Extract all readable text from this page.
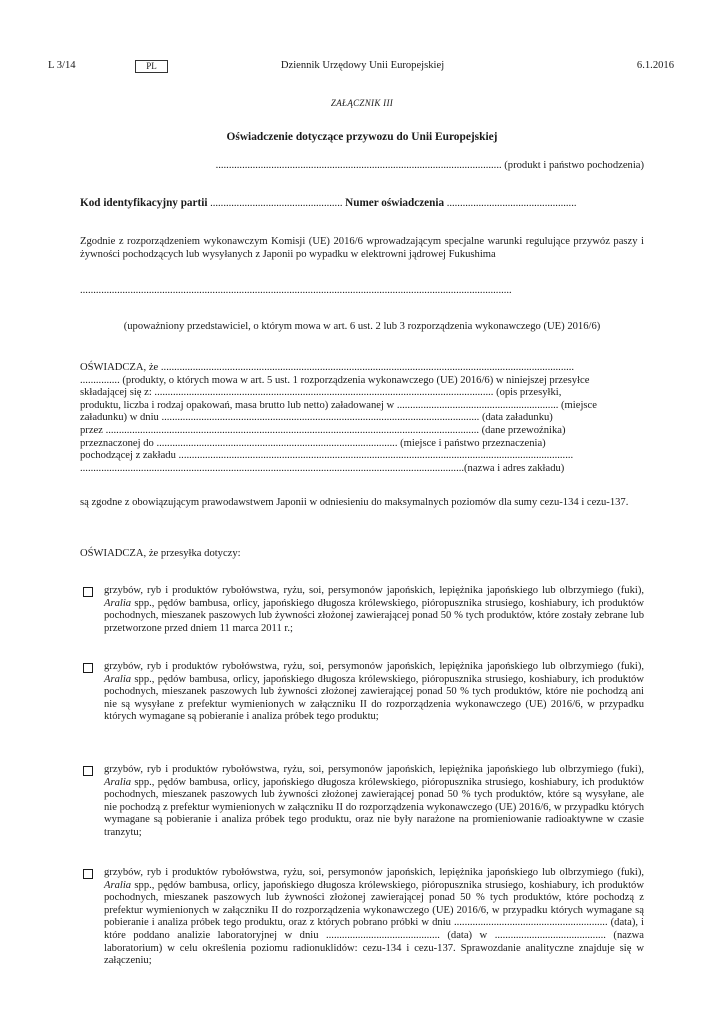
L 3/14	PL	Dziennik Urzędowy Unii Europejskiej	6.1.2016
ZAŁĄCZNIK III
Oświadczenie dotyczące przywozu do Unii Europejskiej
............................................................................................................ (produkt i państwo pochodzenia)
Kod identyfikacyjny partii .................................................. Numer oświadczenia .................................................
Zgodnie z rozporządzeniem wykonawczym Komisji (UE) 2016/6 wprowadzającym specjalne warunki regulujące przywóz paszy i żywności pochodzących lub wysyłanych z Japonii po wypadku w elektrowni jądrowej Fukushima
...................................................................................................................................................................
(upoważniony przedstawiciel, o którym mowa w art. 6 ust. 2 lub 3 rozporządzenia wykonawczego (UE) 2016/6)
OŚWIADCZA, że ............................................................................................................................................................
............... (produkty, o których mowa w art. 5 ust. 1 rozporządzenia wykonawczego (UE) 2016/6) w niniejszej przesyłce
składającej się z: ................................................................................................................................ (opis przesyłki,
produktu, liczba i rodzaj opakowań, masa brutto lub netto) załadowanej w ............................................................. (miejsce
załadunku) w dniu ........................................................................................................................ (data załadunku)
przez ............................................................................................................................................. (dane przewoźnika)
przeznaczonej do ........................................................................................... (miejsce i państwo przeznaczenia)
pochodzącej z zakładu .....................................................................................................................................................
.................................................................................................................................................(nazwa i adres zakładu)
są zgodne z obowiązującym prawodawstwem Japonii w odniesieniu do maksymalnych poziomów dla sumy cezu-134 i cezu-137.
OŚWIADCZA, że przesyłka dotyczy:
grzybów, ryb i produktów rybołówstwa, ryżu, soi, persymonów japońskich, lepiężnika japońskiego lub olbrzymiego (fuki), Aralia spp., pędów bambusa, orlicy, japońskiego długosza królewskiego, pióropusznika strusiego, koshiabury, ich produktów pochodnych, mieszanek paszowych lub żywności złożonej zawierającej ponad 50 % tych produktów, które zostały zebrane lub przetworzone przed dniem 11 marca 2011 r.;
grzybów, ryb i produktów rybołówstwa, ryżu, soi, persymonów japońskich, lepiężnika japońskiego lub olbrzymiego (fuki), Aralia spp., pędów bambusa, orlicy, japońskiego długosza królewskiego, pióropusznika strusiego, koshiabury, ich produktów pochodnych, mieszanek paszowych lub żywności złożonej zawierającej ponad 50 % tych produktów, które nie pochodzą ani nie są wysyłane z prefektur wymienionych w załączniku II do rozporządzenia wykonawczego (UE) 2016/6, w przypadku których wymagane są pobieranie i analiza próbek tego produktu;
grzybów, ryb i produktów rybołówstwa, ryżu, soi, persymonów japońskich, lepiężnika japońskiego lub olbrzymiego (fuki), Aralia spp., pędów bambusa, orlicy, japońskiego długosza królewskiego, pióropusznika strusiego, koshiabury, ich produktów pochodnych, mieszanek paszowych lub żywności złożonej zawierającej ponad 50 % tych produktów, które są wysyłane, ale nie pochodzą z prefektur wymienionych w załączniku II do rozporządzenia wykonawczego (UE) 2016/6, w przypadku których wymagane są pobieranie i analiza próbek tego produktu, oraz nie były narażone na promieniowanie radioaktywne w czasie tranzytu;
grzybów, ryb i produktów rybołówstwa, ryżu, soi, persymonów japońskich, lepiężnika japońskiego lub olbrzymiego (fuki), Aralia spp., pędów bambusa, orlicy, japońskiego długosza królewskiego, pióropusznika strusiego, koshiabury, ich produktów pochodnych, mieszanek paszowych lub żywności złożonej zawierającej ponad 50 % tych produktów, które pochodzą z prefektur wymienionych w załączniku II do rozporządzenia wykonawczego (UE) 2016/6, w przypadku których wymagane są pobieranie i analiza próbek tego produktu, oraz z których pobrano próbki w dniu .......................................................... (data), i które poddano analizie laboratoryjnej w dniu ........................................... (data) w .......................................... (nazwa laboratorium) w celu określenia poziomu radionuklidów: cezu-134 i cezu-137. Sprawozdanie analityczne znajduje się w załączeniu;
